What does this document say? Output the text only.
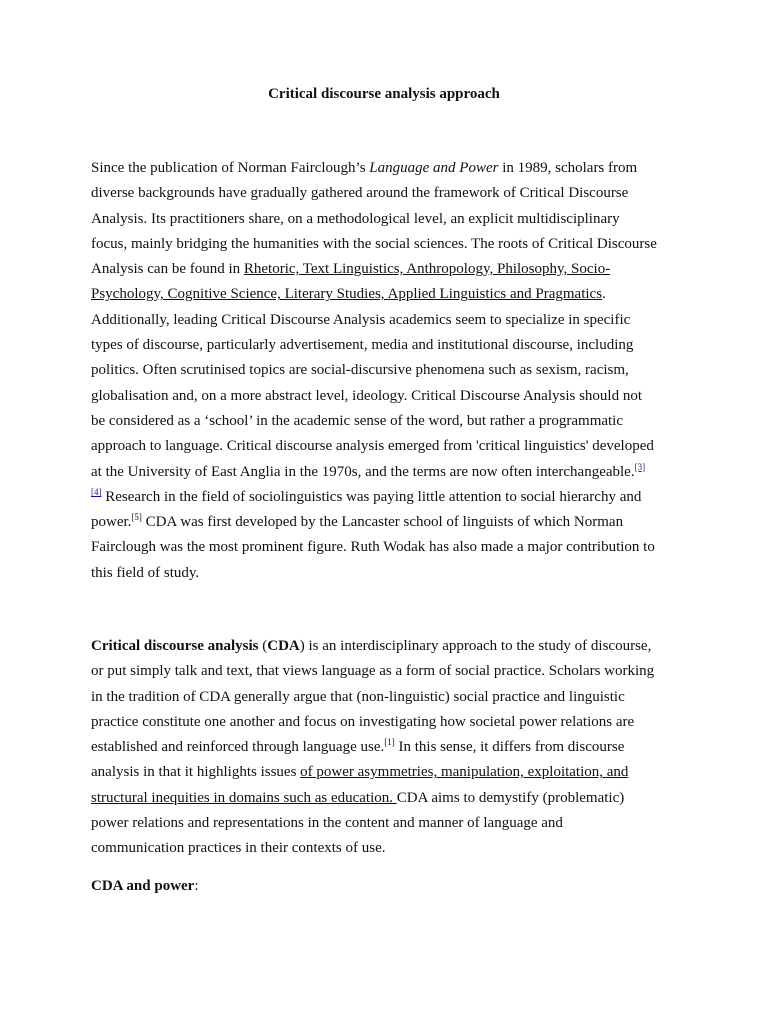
Critical discourse analysis approach

Since the publication of Norman Fairclough’s Language and Power in 1989, scholars from
diverse backgrounds have gradually gathered around the framework of Critical Discourse
Analysis. Its practitioners share, on a methodological level, an explicit multidisciplinary
focus, mainly bridging the humanities with the social sciences. The roots of Critical Discourse
Analysis can be found in Rhetoric, Text Linguistics, Anthropology, Philosophy, Socio-
Psychology, Cognitive Science, Literary Studies, Applied Linguistics and Pragmatics.
Additionally, leading Critical Discourse Analysis academics seem to specialize in specific
types of discourse, particularly advertisement, media and institutional discourse, including
politics. Often scrutinised topics are social-discursive phenomena such as sexism, racism,
globalisation and, on a more abstract level, ideology. Critical Discourse Analysis should not
be considered as a ‘school’ in the academic sense of the word, but rather a programmatic
approach to language. Critical discourse analysis emerged from 'critical linguistics' developed
at the University of East Anglia in the 1970s, and the terms are now often interchangeable.[3]
[4] Research in the field of sociolinguistics was paying little attention to social hierarchy and
power.[5] CDA was first developed by the Lancaster school of linguists of which Norman
Fairclough was the most prominent figure. Ruth Wodak has also made a major contribution to
this field of study.

Critical discourse analysis (CDA) is an interdisciplinary approach to the study of discourse,
or put simply talk and text, that views language as a form of social practice. Scholars working
in the tradition of CDA generally argue that (non-linguistic) social practice and linguistic
practice constitute one another and focus on investigating how societal power relations are
established and reinforced through language use.[1] In this sense, it differs from discourse
analysis in that it highlights issues of power asymmetries, manipulation, exploitation, and
structural inequities in domains such as education. CDA aims to demystify (problematic)
power relations and representations in the content and manner of language and
communication practices in their contexts of use.

CDA and power:
